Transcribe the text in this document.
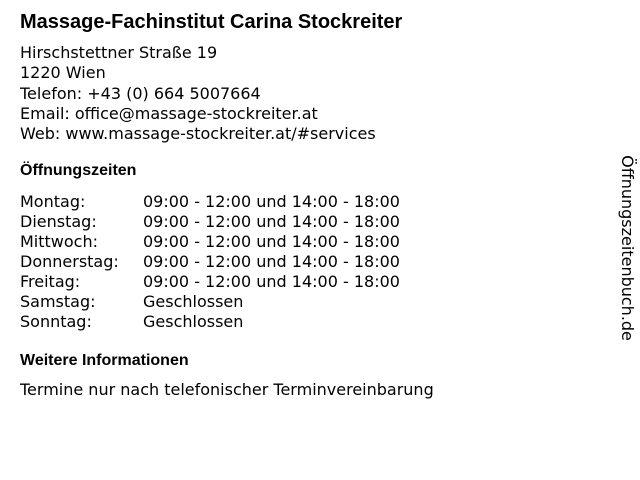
Massage-Fachinstitut Carina Stockreiter
Hirschstettner Straße 19
1220 Wien
Telefon: +43 (0) 664 5007664
Email: office@massage-stockreiter.at
Web: www.massage-stockreiter.at/#services
Öffnungszeiten
Montag:	09:00 - 12:00 und 14:00 - 18:00
Dienstag:	09:00 - 12:00 und 14:00 - 18:00
Mittwoch:	09:00 - 12:00 und 14:00 - 18:00
Donnerstag:	09:00 - 12:00 und 14:00 - 18:00
Freitag:	09:00 - 12:00 und 14:00 - 18:00
Samstag:	Geschlossen
Sonntag:	Geschlossen
Weitere Informationen
Termine nur nach telefonischer Terminvereinbarung
Öffnungszeitenbuch.de
